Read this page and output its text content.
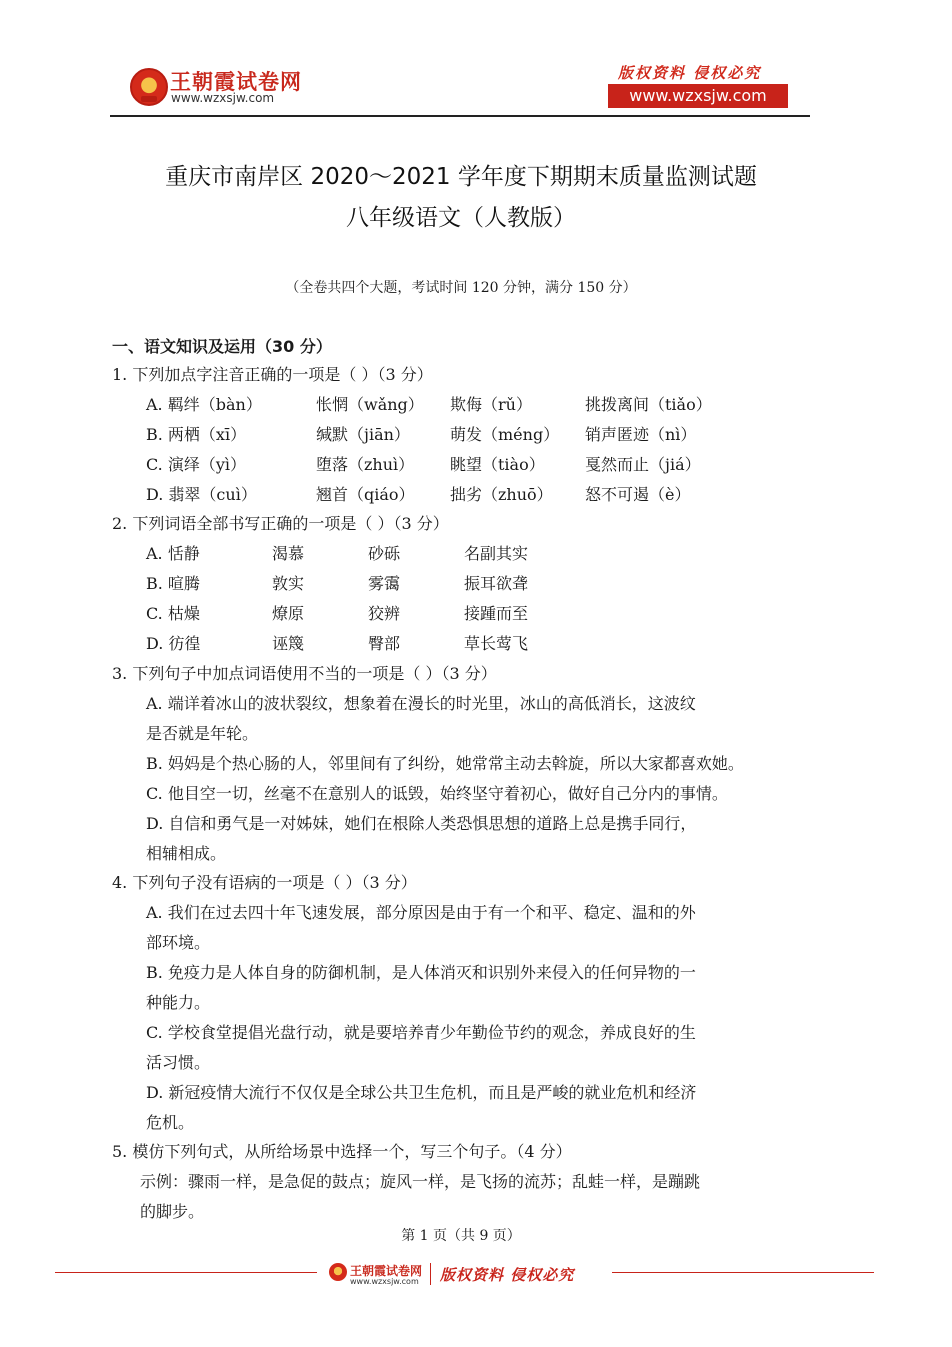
王朝霞试卷网
www.wzxsjw.com
版权资料 侵权必究
www.wzxsjw.com
重庆市南岸区 2020～2021 学年度下期期末质量监测试题
八年级语文（人教版）
（全卷共四个大题，考试时间 120 分钟，满分 150 分）
一、语文知识及运用（30 分）
1. 下列加点字注音正确的一项是（ ）（3 分）
A. 羁绊（bàn）	怅惘（wǎng） 欺侮（rǔ）	挑拨离间（tiǎo）
B. 两栖（xī）	缄默（jiān）	萌发（méng） 销声匿迹（nì）
C. 演绎（yì）	堕落（zhuì） 眺望（tiào）	戛然而止（jiá）
D. 翡翠（cuì）	翘首（qiáo） 拙劣（zhuō） 怒不可遏（è）
2. 下列词语全部书写正确的一项是（ ）（3 分）
A. 恬静	渴慕	砂砾	名副其实
B. 喧腾	敦实	雾霭	振耳欲聋
C. 枯燥	燎原	狡辨	接踵而至
D. 彷徨	诬篾	臀部	草长莺飞
3. 下列句子中加点词语使用不当的一项是（ ）（3 分）
A. 端详着冰山的波状裂纹，想象着在漫长的时光里，冰山的高低消长，这波纹
是否就是年轮。
B. 妈妈是个热心肠的人，邻里间有了纠纷，她常常主动去斡旋，所以大家都喜欢她。
C. 他目空一切，丝毫不在意别人的诋毁，始终坚守着初心，做好自己分内的事情。
D. 自信和勇气是一对姊妹，她们在根除人类恐惧思想的道路上总是携手同行，
相辅相成。
4. 下列句子没有语病的一项是（ ）（3 分）
A. 我们在过去四十年飞速发展，部分原因是由于有一个和平、稳定、温和的外
部环境。
B. 免疫力是人体自身的防御机制，是人体消灭和识别外来侵入的任何异物的一
种能力。
C. 学校食堂提倡光盘行动，就是要培养青少年勤俭节约的观念，养成良好的生
活习惯。
D. 新冠疫情大流行不仅仅是全球公共卫生危机，而且是严峻的就业危机和经济
危机。
5. 模仿下列句式，从所给场景中选择一个，写三个句子。（4 分）
示例：骤雨一样，是急促的鼓点；旋风一样，是飞扬的流苏；乱蛙一样，是蹦跳
的脚步。
第 1 页（共 9 页）
王朝霞试卷网
www.wzxsjw.com 版权资料 侵权必究
